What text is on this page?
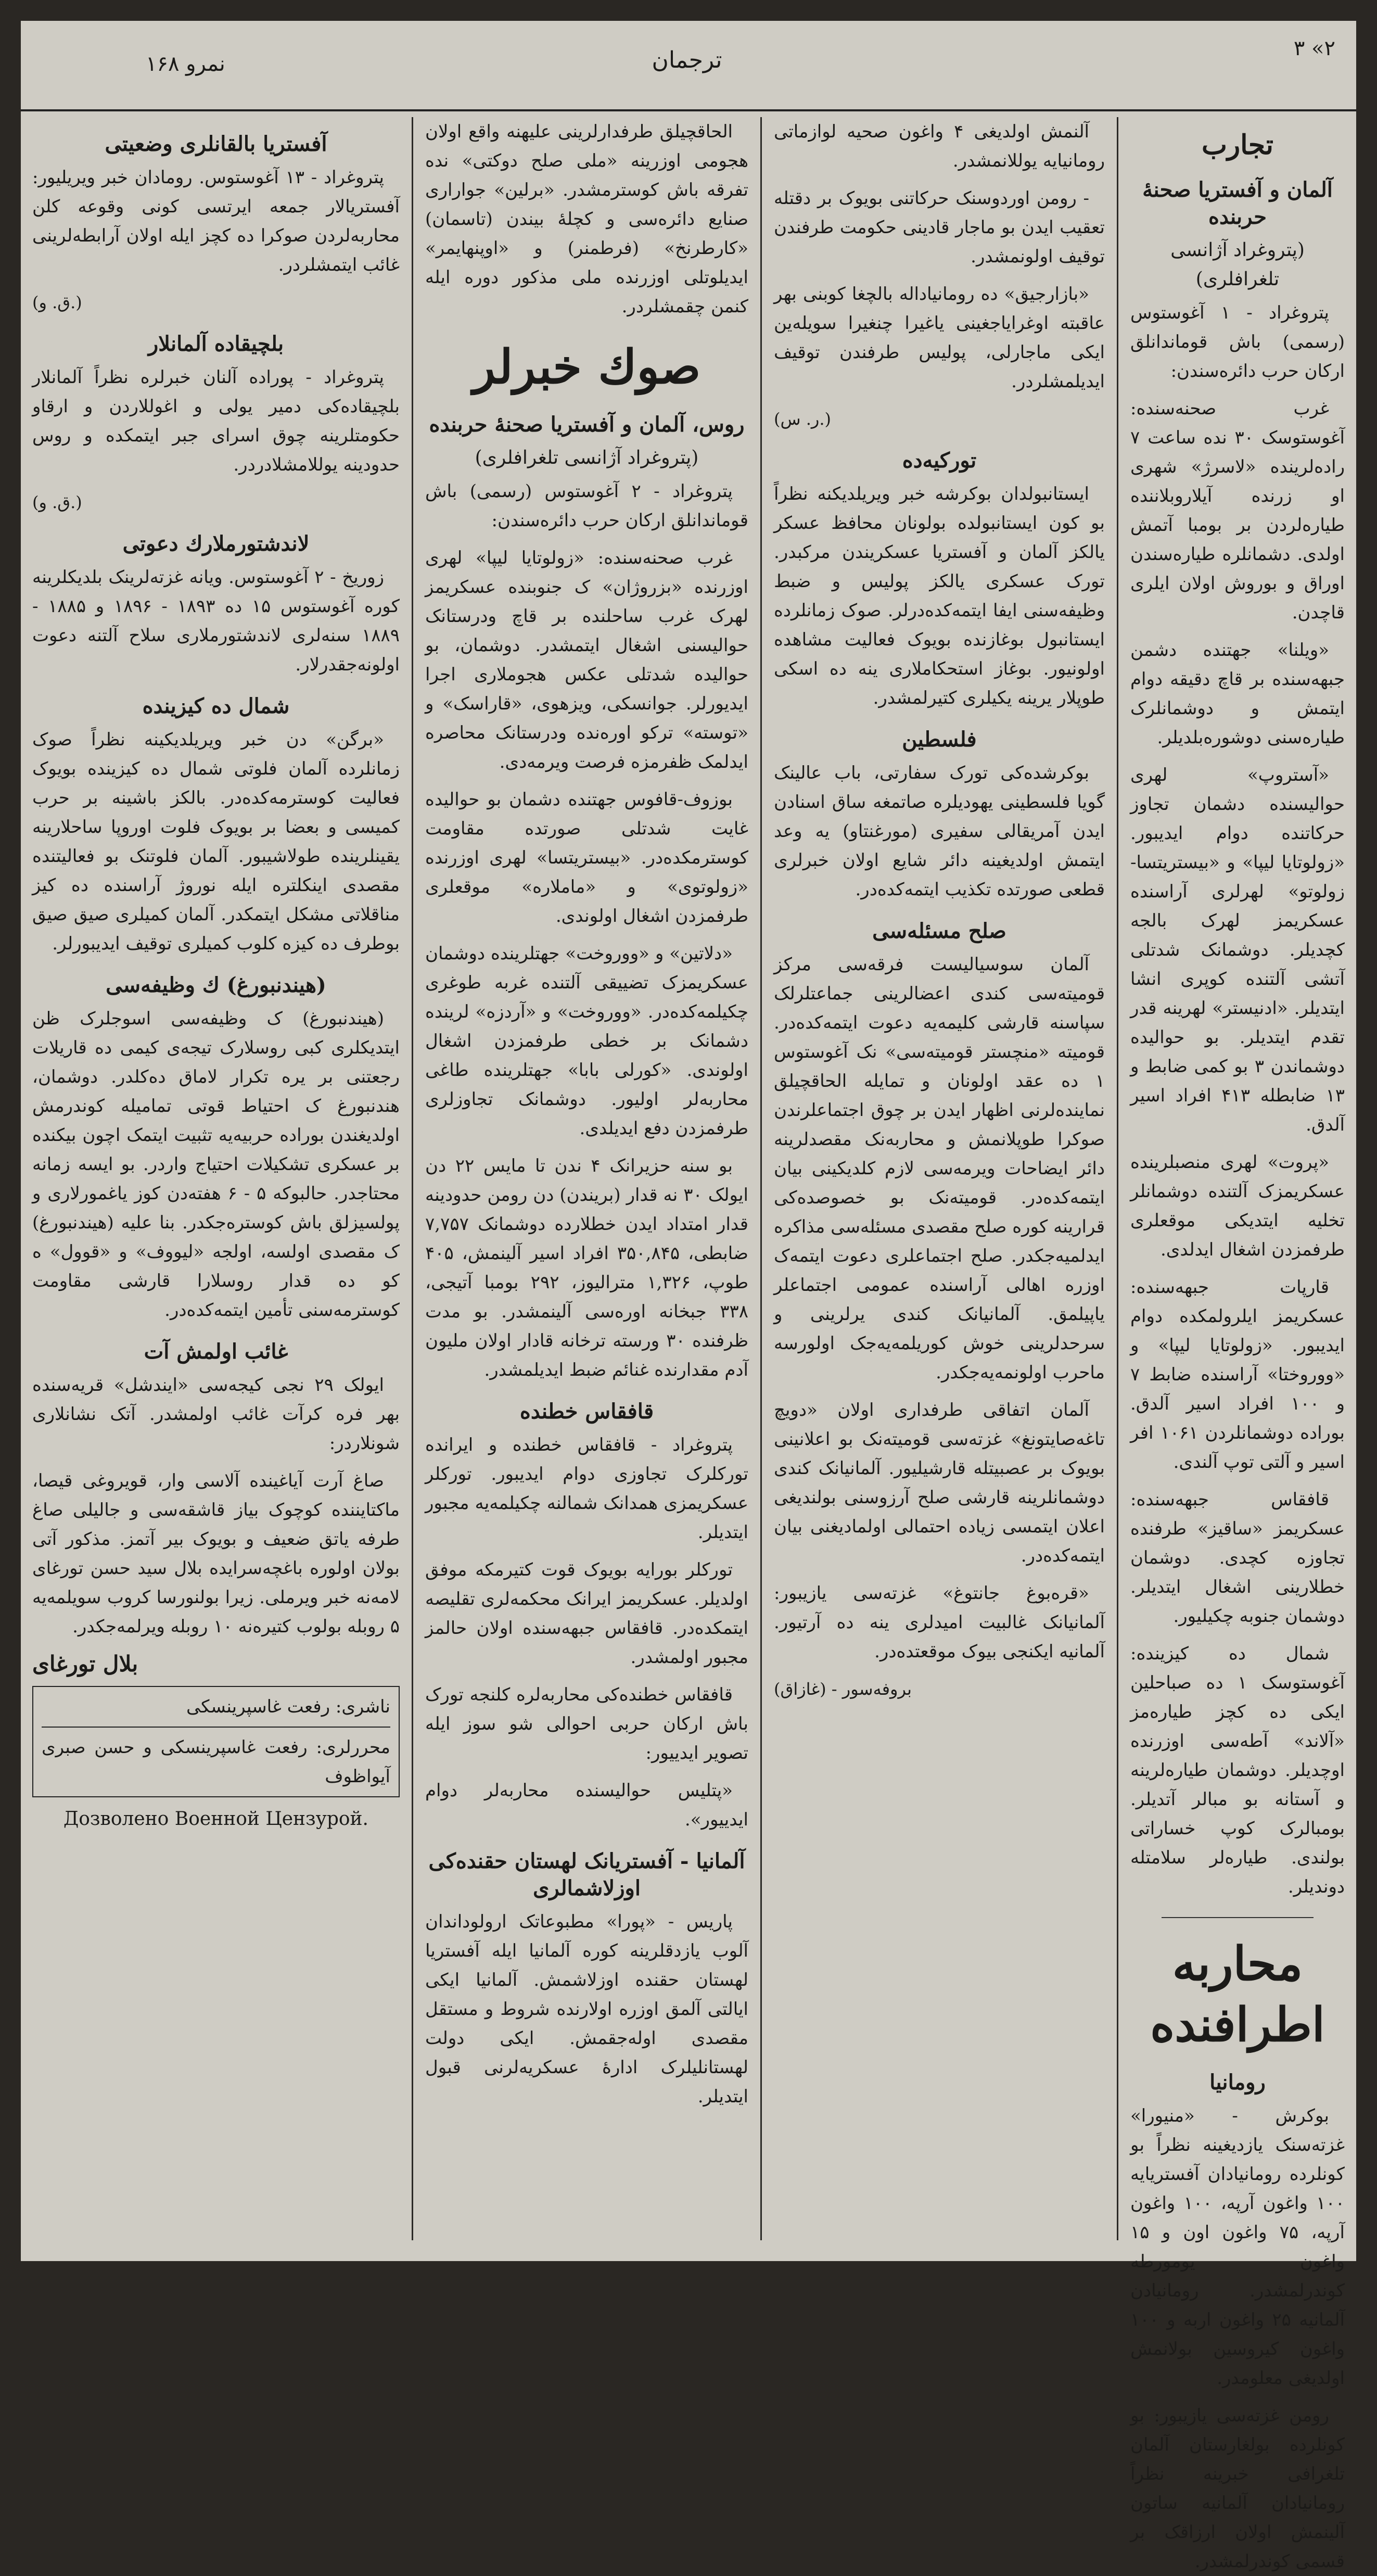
نمرو ۱۶۸	ترجمان	۳ «۲
تجارب
آلمان و آفستریا صحنهٔ حربنده
(پتروغراد آژانسی تلغرافلری)

پتروغراد - ۱ آغوستوس (رسمی) باش قوماندانلق ارکان حرب دائره‌سندن:

غرب صحنه‌سنده: آغوستوسک ۳۰ نده ساعت ۷ راده‌لرینده «لاسرژ» شهری او زرنده آیلاروبلاننده طیاره‌لردن بر بومبا آتمش اولدی. دشمانلره طیاره‌سندن اوراق و بوروش اولان ایلری قاچدن.

«ویلنا» جهتنده دشمن جبهه‌سنده بر قاچ دقیقه دوام ایتمش و دوشمانلرک طیاره‌سنی دوشوره‌بلدیلر.

«آستروپ» لهری حوالیسنده دشمان تجاوز حرکاتنده دوام ایدیبور. «زولوتایا لیپا» و «بیستریتسا-زولوتو» لهرلری آراسنده عسکریمز لهرک بالجه کچدیلر. دوشمانک شدتلی آتشی آلتنده کوپری انشا ایتدیلر. «ادنیستر» لهرینه قدر تقدم ایتدیلر. بو حوالیده دوشماندن ۳ بو کمی ضابط و ۱۳ ضابطله ۴۱۳ افراد اسیر آلدق.

«پروت» لهری منصبلرینده عسکریمزک آلتنده دوشمانلر تخلیه ایتدیکی موقعلری طرفمزدن اشغال ایدلدی.

قارپات جبهه‌سنده: عسکریمز ایلرولمکده دوام ایدیبور. «زولوتایا لیپا» و «ووروختا» آراسنده ضابط ۷ و ۱۰۰ افراد اسیر آلدق. بوراده دوشمانلردن ۱۰۶۱ افر اسیر و آلتی توپ آلندی.

قافقاس جبهه‌سنده: عسکریمز «ساقیز» طرفنده تجاوزه کچدی. دوشمان خطلارینی اشغال ایتدیلر. دوشمان جنوبه چکیلیور.

شمال ده کیزینده: آغوستوسک ۱ ده صباحلین ایکی ده کچز طیاره‌مز «آلاند» آطه‌سی اوزرنده اوچدیلر. دوشمان طیاره‌لرینه و آستانه بو مبالر آتدیلر. بومبالرک کوپ خساراتی بولندی. طیاره‌لر سلامتله دوندیلر.

محاربه اطرافنده
رومانیا

بوکرش - «منیورا» غزته‌سنک یازدیغینه نظراً بو کونلرده رومانیادان آفستریایه ۱۰۰ واغون آرپه، ۱۰۰ واغون آرپه، ۷۵ واغون اون و ۱۵ واغون یومورطه کوندرلمشدر. رومانیادن آلمانیه ۲۵ واغون اربه و ۱۰۰ واغون کیروسین بولانمش اولدیغی معلومدر.

رومن غزته‌سی یازیبور: بو کونلرده بولغارستان آلمان تلغرافی خبرینه نظراً رومانیادان آلمانیه ساتون آلینمش اولان ارزاقک بر قسمی کوندرلمشدر.

آلنمش اولدیغی ۴ واغون صحیه لوازماتی رومانیایه یوللانمشدر.

- رومن اوردوسنک حرکاتنی بویوک بر دقتله تعقیب ایدن بو ماجار قادینی حکومت طرفندن توقیف اولونمشدر.

«بازارجیق» ده رومانیاداله بالچغا کوبنی بهر عاقبته اوغرایاجغینی یاغیرا چنغیرا سویله‌ین ایکی ماجارلی، پولیس طرفندن توقیف ایدیلمشلردر.

(ر. س.)
تورکیه‌ده

ایستانبولدان بوکرشه خبر ویریلدیکنه نظراً بو کون ایستانبولده بولونان محافظ عسکر یالکز آلمان و آفستریا عسکریندن مرکبدر. تورک عسکری یالکز پولیس و ضبط وظیفه‌سنی ایفا ایتمه‌کده‌درلر. صوک زمانلرده ایستانبول بوغازنده بویوک فعالیت مشاهده اولونیور. بوغاز استحکاملاری ینه ده اسکی طوپلار یرینه یکیلری کتیرلمشدر.

فلسطین

بوکرشده‌کی تورک سفارتی، باب عالینک گویا فلسطینی یهودیلره صاتمغه ساق اسنادن ایدن آمریقالی سفیری (مورغنتاو) یه وعد ایتمش اولدیغینه دائر شایع اولان خبرلری قطعی صورتده تکذیب ایتمه‌کده‌در.

صلح مسئله‌سی

آلمان سوسیالیست فرقه‌سی مرکز قومیته‌سی کندی اعضالرینی جماعتلرلک سپاسنه قارشی کلیمه‌یه دعوت ایتمه‌کده‌در. قومیته «منچستر قومیته‌سی» نک آغوستوس ۱ ده عقد اولونان و تمایله الحاقچیلق نماینده‌لرنی اظهار ایدن بر چوق اجتماعلرندن صوکرا طوپلانمش و محاربه‌نک مقصدلرینه دائر ایضاحات ویرمه‌سی لازم کلدیکینی بیان ایتمه‌کده‌در. قومیته‌نک بو خصوصده‌کی قرارینه کوره صلح مقصدی مسئله‌سی مذاکره ایدلمیه‌جکدر. صلح اجتماعلری دعوت ایتمه‌ک اوزره اهالی آراسنده عمومی اجتماعلر یاپیلمق. آلمانیانک کندی یرلرینی و سرحدلرینی خوش کوریلمه‌یه‌جک اولورسه ماحرب اولونمه‌یه‌جکدر.

آلمان اتفاقی طرفداری اولان «دویچ تاغه‌صایتونغ» غزته‌سی قومیته‌نک بو اعلانینی بویوک بر عصبیتله قارشیلیور. آلمانیانک کندی دوشمانلرینه قارشی صلح آرزوسنی بولندیغی اعلان ایتمسی زیاده احتمالی اولمادیغنی بیان ایتمه‌کده‌در.

«قره‌بوغ جانتوغ» غزته‌سی یازیبور: آلمانیانک غالبیت امیدلری ینه ده آرتیور. آلمانیه ایکنجی بیوک موقعتده‌در.

(غازاق) - بروفه‌سور

الحاقچیلق طرفدارلرینی علیهنه واقع اولان هجومی اوزرینه «ملی صلح دوکتی» نده تفرقه باش کوسترمشدر. «برلین» جواراری صنایع دائره‌سی و کچلهٔ بیندن (تاسمان) «کارطرنخ» (فرطمنر) و «اوپنهایمر» ایدیلوتلی اوزرنده ملی مذکور دوره ایله کنمن چقمشلردر.

صوك خبرلر
روس، آلمان و آفستریا صحنهٔ حربنده
(پتروغراد آژانسی تلغرافلری)

پتروغراد - ۲ آغوستوس (رسمی) باش قوماندانلق ارکان حرب دائره‌سندن:

غرب صحنه‌سنده: «زولوتایا لیپا» لهری اوزرنده «بزروژان» ک جنوبنده عسکریمز لهرک غرب ساحلنده بر قاچ ودرستانک حوالیسنی اشغال ایتمشدر. دوشمان، بو حوالیده شدتلی عکس هجوملاری اجرا ایدیورلر. جوانسکی، ویزهوی، «قاراسک» و «توسته» ترکو اوره‌نده ودرستانک محاصره ایدلمک ظفرمزه فرصت ویرمه‌دی.

بوزوف-قافوس جهتنده دشمان بو حوالیده غایت شدتلی صورتده مقاومت کوسترمکده‌در. «بیستریتسا» لهری اوزرنده «زولوتوی» و «ماملاره» موقعلری طرفمزدن اشغال اولوندی.

«دلاتین» و «ووروخت» جهتلرینده دوشمان عسکریمزک تضییقی آلتنده غربه طوغری چکیلمه‌کده‌در. «ووروخت» و «آردزه» لرینده دشمانک بر خطی طرفمزدن اشغال اولوندی. «کورلی بابا» جهتلرینده طاغی محاربه‌لر اولیور. دوشمانک تجاوزلری طرفمزدن دفع ایدیلدی.

بو سنه حزیرانک ۴ ندن تا مایس ۲۲ دن ایولک ۳۰ نه قدار (بریندن) دن رومن حدودینه قدار امتداد ایدن خطلارده دوشمانک ۷,۷۵۷ ضابطی، ۳۵۰,۸۴۵ افراد اسیر آلینمش، ۴۰۵ طوپ، ۱,۳۲۶ مترالیوز، ۲۹۲ بومبا آتیجی، ۳۳۸ جبخانه اوره‌سی آلینمشدر. بو مدت ظرفنده ۳۰ ورسته ترخانه قادار اولان ملیون آدم مقدارنده غنائم ضبط ایدیلمشدر.

قافقاس خطنده

پتروغراد - قافقاس خطنده و ایرانده تورکلرک تجاوزی دوام ایدیبور. تورکلر عسکریمزی همدانک شمالنه چکیلمه‌یه مجبور ایتدیلر.

تورکلر بورایه بویوک قوت کتیرمکه موفق اولدیلر. عسکریمز ایرانک محکمه‌لری تقلیصه ایتمکده‌در. قافقاس جبهه‌سنده اولان حالمز مجبور اولمشدر.

قافقاس خطنده‌کی محاربه‌لره کلنجه تورک باش ارکان حربی احوالی شو سوز ایله تصویر ایدییور:

«پتلیس حوالیسنده محاربه‌لر دوام ایدییور».

آلمانیا - آفستریانک لهستان حقنده‌کی اوزلاشمالری

پاریس - «پورا» مطبوعاتک ارولوداندان آلوب یازدقلرینه کوره آلمانیا ایله آفستریا لهستان حقنده اوزلاشمش. آلمانیا ایکی ایالتی آلمق اوزره اولارنده شروط و مستقل مقصدی اوله‌جقمش. ایکی دولت لهستانلیلرک ادارهٔ عسکریه‌لرنی قبول ایتدیلر.

آفستریا بالقانلری وضعیتی

پتروغراد - ۱۳ آغوستوس. رومادان خبر ویریلیور: آفستریالار جمعه ایرتسی کونی وقوعه کلن محاربه‌لردن صوکرا ده کچز ایله اولان آرابطه‌لرینی غائب ایتمشلردر.

(ق. و.)
بلچیقاده آلمانلار

پتروغراد - پوراده آلنان خبرلره نظراً آلمانلار بلچیقاده‌کی دمیر یولی و اغوللاردن و ارقاو حکومتلرینه چوق اسرای جبر ایتمکده و روس حدودینه یوللامشلادردر.

(ق. و.)
لاندشتورملارك دعوتی

زوریخ - ۲ آغوستوس. ویانه غزته‌لرینک بلدیکلرینه کوره آغوستوس ۱۵ ده ۱۸۹۳ - ۱۸۹۶ و ۱۸۸۵ - ۱۸۸۹ سنه‌لری لاندشتورملاری سلاح آلتنه دعوت اولونه‌جقدرلار.

شمال ده کیزینده

«برگن» دن خبر ویریلدیکینه نظراً صوک زمانلرده آلمان فلوتی شمال ده کیزینده بویوک فعالیت کوسترمه‌کده‌در. بالکز باشینه بر حرب کمیسی و بعضا بر بویوک فلوت اوروپا ساحلارینه یقینلرینده طولاشیبور. آلمان فلوتنک بو فعالیتنده مقصدی اینکلتره ایله نوروژ آراسنده ده کیز مناقلاتی مشکل ایتمکدر. آلمان کمیلری صیق صیق بوطرف ده کیزه کلوب کمیلری توقیف ایدیبورلر.

(هیندنبورغ) ك وظیفه‌سی

(هیندنبورغ) ک وظیفه‌سی اسوجلرک ظن ایتدیکلری کبی روسلارک تیجه‌ی کیمی ده قاریلات رجعتنی بر یره تکرار لاماق ده‌کلدر. دوشمان، هندنبورغ ک احتیاط قوتی تمامیله کوندرمش اولدیغندن بوراده حربیه‌یه تثبیت ایتمک اچون بیکنده بر عسکری تشکیلات احتیاج واردر. بو ایسه زمانه محتاجدر. حالبوکه ۵ - ۶ هفته‌دن کوز یاغمورلاری و پولسیزلق باش کوستره‌جکدر. بنا علیه (هیندنبورغ) ک مقصدی اولسه، اولجه «لیووف» و «قوول» ه کو ده قدار روسلارا قارشی مقاومت کوسترمه‌سنی تأمین ایتمه‌کده‌در.

غائب اولمش آت

ایولک ۲۹ نجی کیجه‌سی «ایندشل» قریه‌سنده بهر فره کرآت غائب اولمشدر. آتک نشانلاری شونلاردر:

صاغ آرت آیاغینده آلاسی وار، قویروغی قیصا، ماکتایننده کوچوک بیاز قاشقه‌سی و جالیلی صاغ طرفه یاتق ضعیف و بویوک بیر آتمز. مذکور آتی بولان اولوره باغچه‌سرایده بلال سید حسن تورغای لامه‌نه خبر ویرملی. زیرا بولنورسا کروب سویلمه‌یه ۵ روبله بولوب کتیره‌نه ۱۰ روبله ویرلمه‌جکدر.

بلال تورغای
ناشری: رفعت غاسپرینسکی
محررلری: رفعت غاسپرینسکی و حسن صبری آیواظوف
Дозволено Военной Цензурой.
